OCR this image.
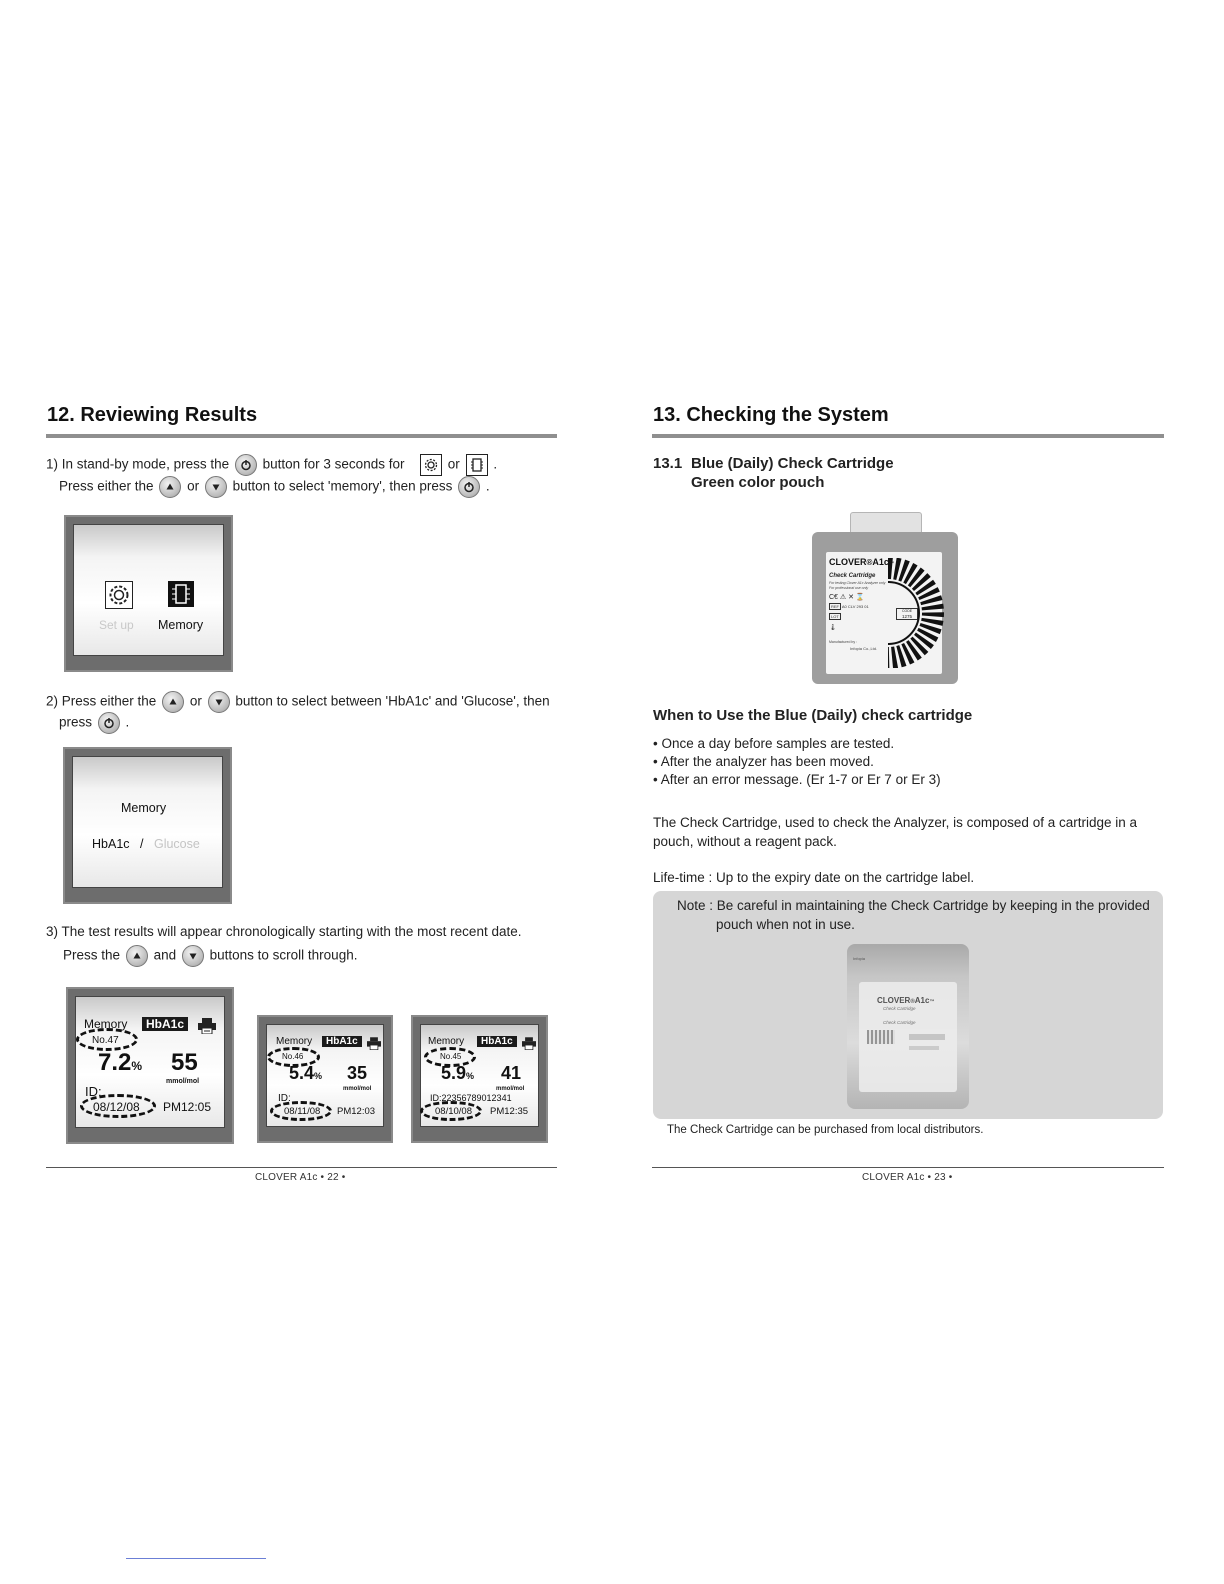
12. Reviewing Results
1) In stand-by mode, press the button for 3 seconds for	or .
Press either the or button to select 'memory', then press .
Set up Memory
2) Press either the or button to select between 'HbA1c' and 'Glucose', then
press .
Memory
HbA1c / Glucose
3) The test results will appear chronologically starting with the most recent date.
Press the and buttons to scroll through.
Memory	HbA1c
No.47
7.2% 55
mmol/mol
ID:
08/12/08 PM12:05
Memory	HbA1c
No.46
5.4% 35
mmol/mol
ID:
08/11/08 PM12:03
Memory	HbA1c
No.45
5.9% 41
mmol/mol
ID:22356789012341
08/10/08 PM12:35
CLOVER A1c • 22 •
13. Checking the System
13.1 Blue (Daily) Check Cartridge
Green color pouch
CLOVER®A1c™
Check Cartridge
For testing Clover A1c Analyzer only
For professional use only
C€ ⚠ ✕ ⌛
REF A0 CLV 293 01
CODE
1275
LOT
🌡
Manufactured by :
Infopia Co.,Ltd.
When to Use the Blue (Daily) check cartridge
• Once a day before samples are tested.
• After the analyzer has been moved.
• After an error message. (Er 1-7 or Er 7 or Er 3)
The Check Cartridge, used to check the Analyzer, is composed of a cartridge in a
pouch, without a reagent pack.
Life-time : Up to the expiry date on the cartridge label.
Note : Be careful in maintaining the Check Cartridge by keeping in the provided
pouch when not in use.
Infopia
CLOVER®A1c™
Check Cartridge
Check Cartridge
The Check Cartridge can be purchased from local distributors.
CLOVER A1c • 23 •
